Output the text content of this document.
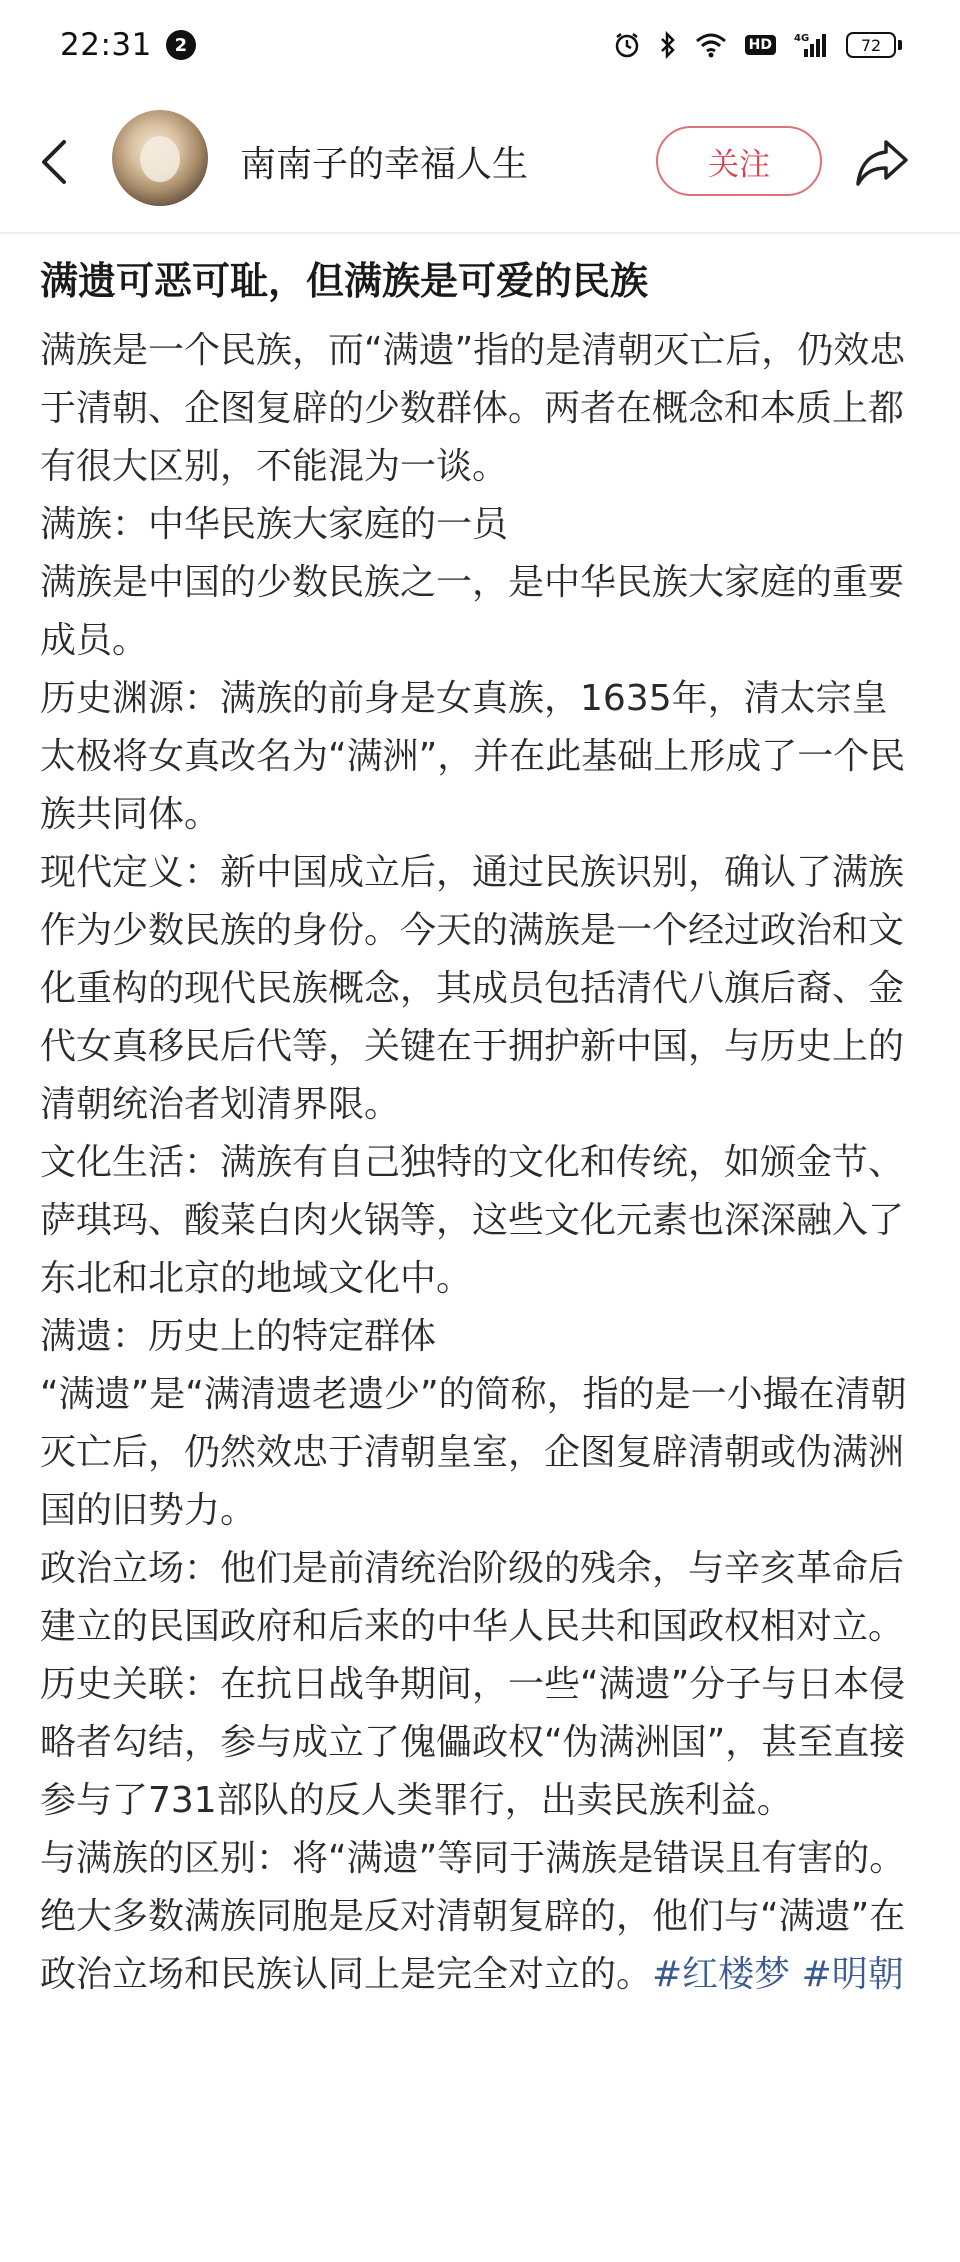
22:31	2	HD	4G	72
南南子的幸福人生	关注
满遗可恶可耻，但满族是可爱的民族

满族是一个民族，而“满遗”指的是清朝灭亡后，仍效忠于清朝、企图复辟的少数群体。两者在概念和本质上都有很大区别，不能混为一谈。

满族：中华民族大家庭的一员

满族是中国的少数民族之一，是中华民族大家庭的重要成员。

历史渊源：满族的前身是女真族，1635年，清太宗皇太极将女真改名为“满洲”，并在此基础上形成了一个民族共同体。

现代定义：新中国成立后，通过民族识别，确认了满族作为少数民族的身份。今天的满族是一个经过政治和文化重构的现代民族概念，其成员包括清代八旗后裔、金代女真移民后代等，关键在于拥护新中国，与历史上的清朝统治者划清界限。

文化生活：满族有自己独特的文化和传统，如颁金节、萨琪玛、酸菜白肉火锅等，这些文化元素也深深融入了东北和北京的地域文化中。

满遗：历史上的特定群体

“满遗”是“满清遗老遗少”的简称，指的是一小撮在清朝灭亡后，仍然效忠于清朝皇室，企图复辟清朝或伪满洲国的旧势力。

政治立场：他们是前清统治阶级的残余，与辛亥革命后建立的民国政府和后来的中华人民共和国政权相对立。

历史关联：在抗日战争期间，一些“满遗”分子与日本侵略者勾结，参与成立了傀儡政权“伪满洲国”，甚至直接参与了731部队的反人类罪行，出卖民族利益。

与满族的区别：将“满遗”等同于满族是错误且有害的。绝大多数满族同胞是反对清朝复辟的，他们与“满遗”在政治立场和民族认同上是完全对立的。#红楼梦 #明朝
